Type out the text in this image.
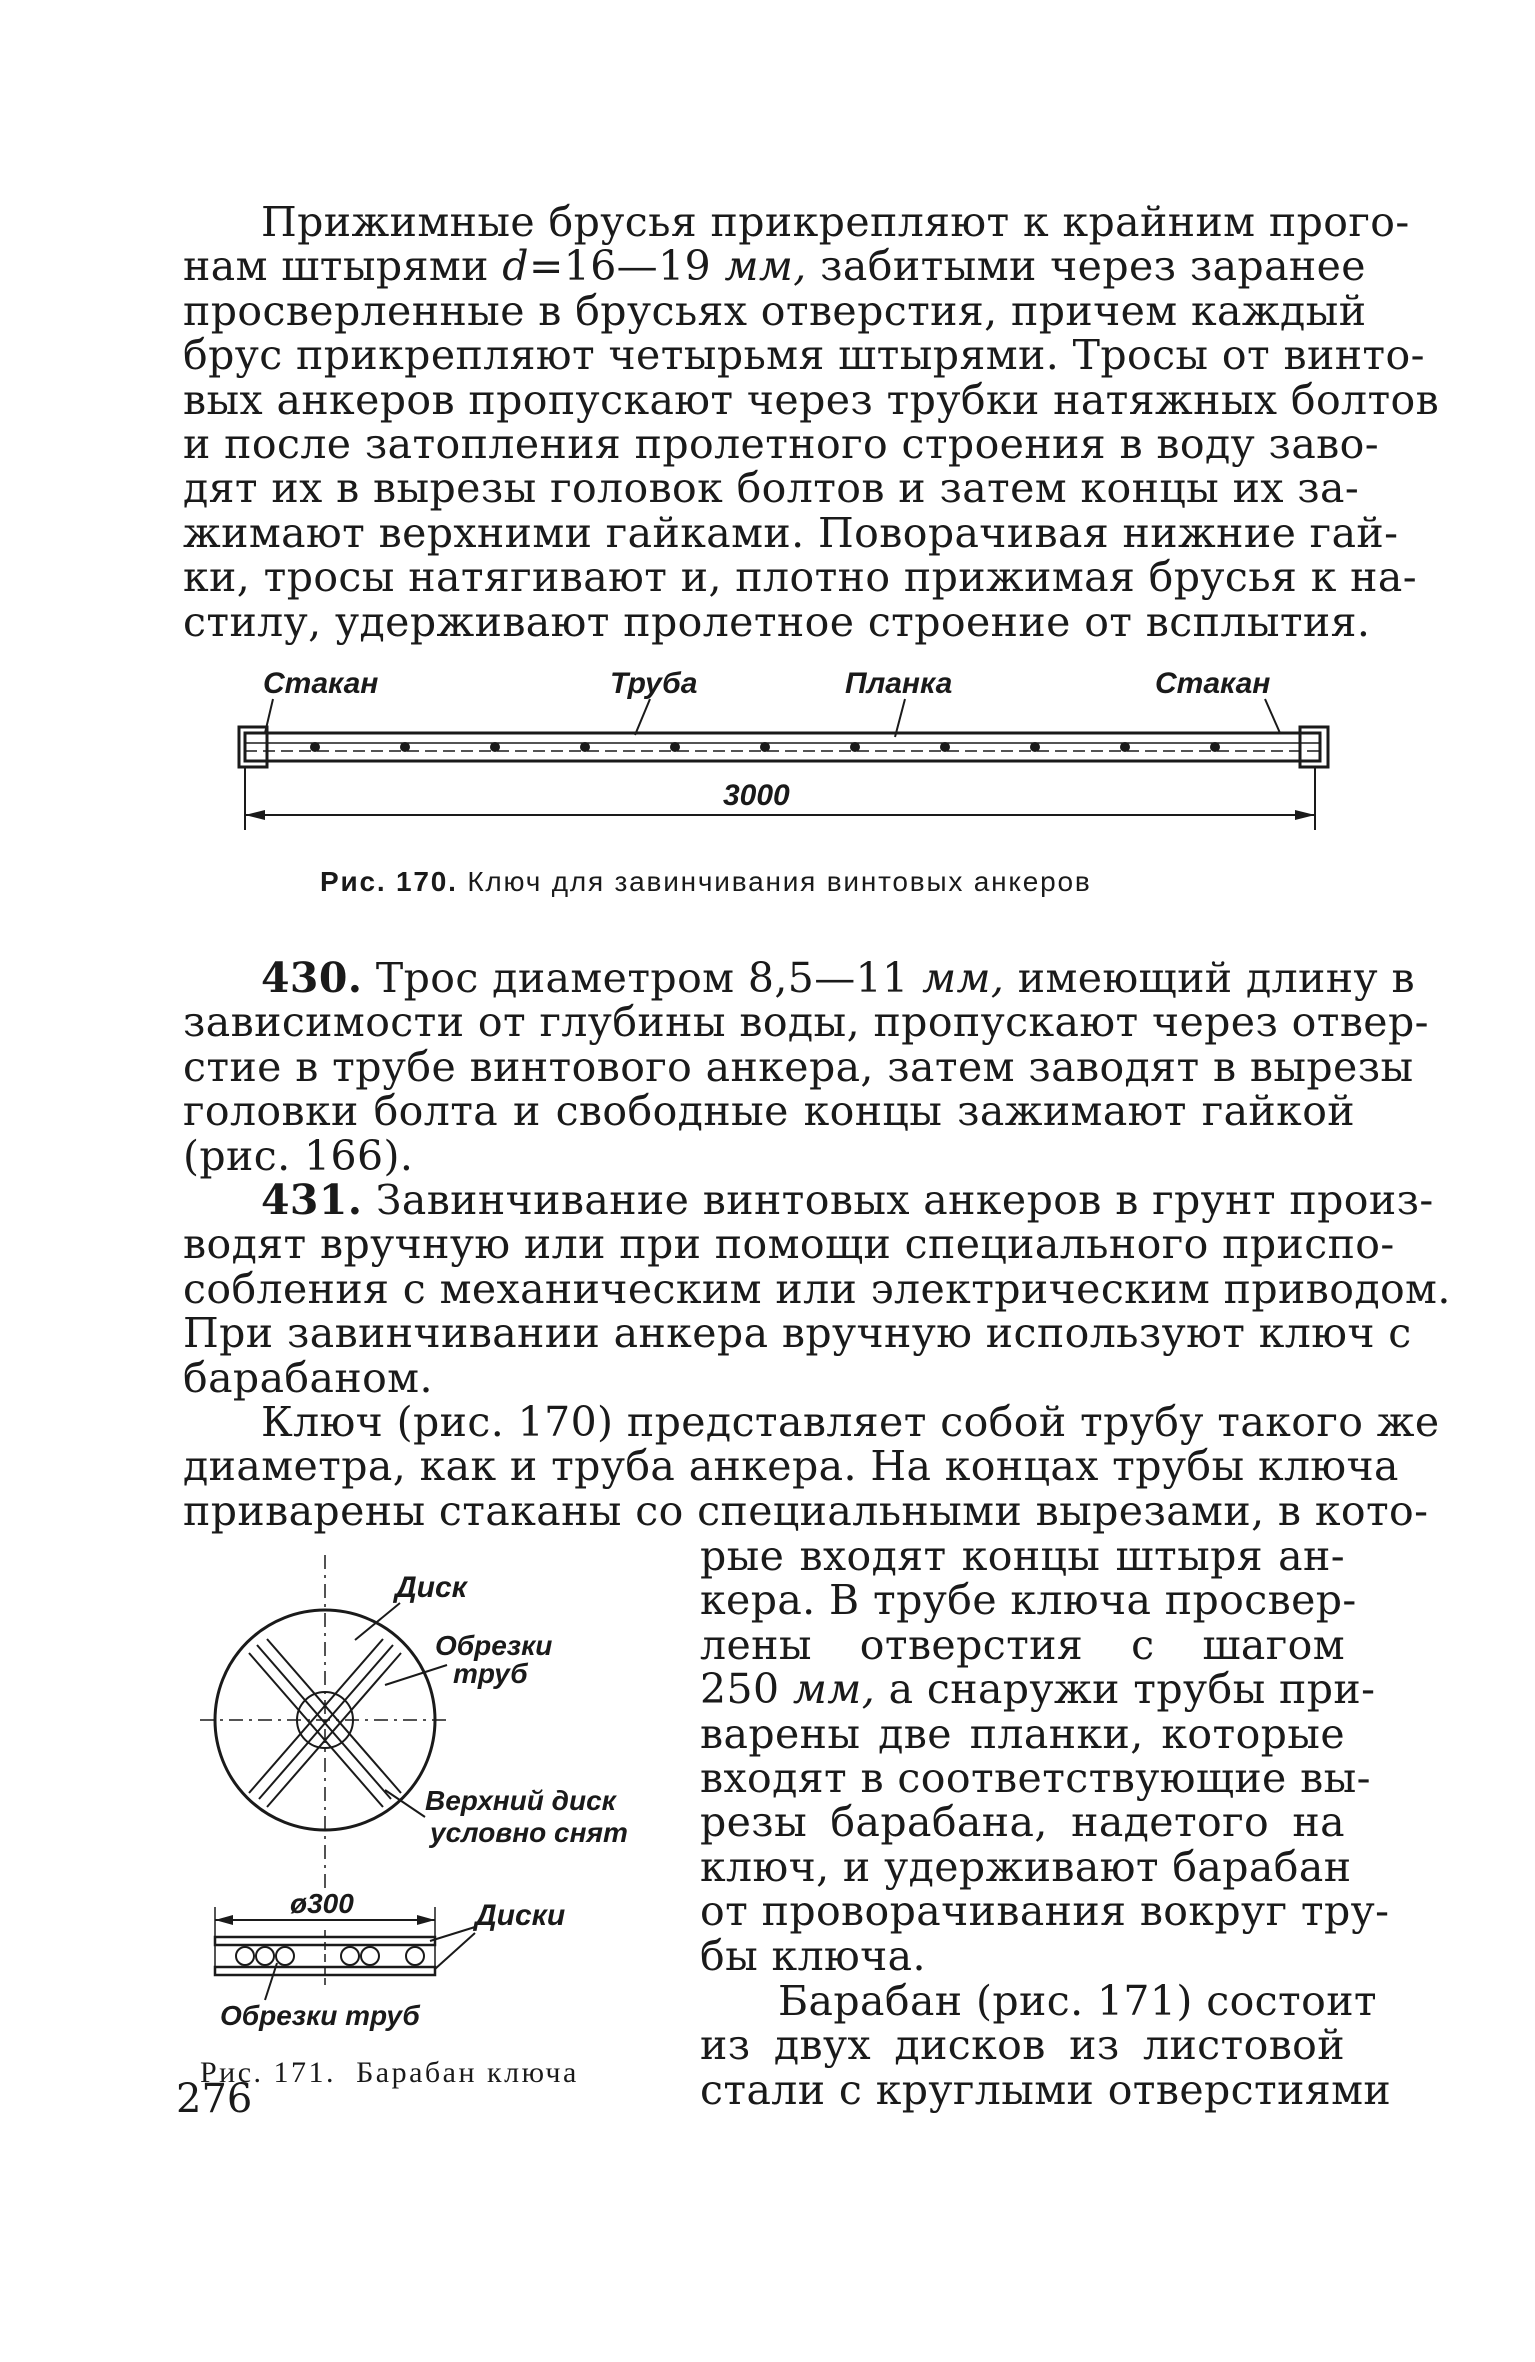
Прижимные брусья прикрепляют к крайним прого-
нам штырями d=16—19 мм, забитыми через заранее
просверленные в брусьях отверстия, причем каждый
брус прикрепляют четырьмя штырями. Тросы от винто-
вых анкеров пропускают через трубки натяжных болтов
и после затопления пролетного строения в воду заво-
дят их в вырезы головок болтов и затем концы их за-
жимают верхними гайками. Поворачивая нижние гай-
ки, тросы натягивают и, плотно прижимая брусья к на-
стилу, удерживают пролетное строение от всплытия.
Стакан	Труба	Планка	Стакан
3000
Рис. 170. Ключ для завинчивания винтовых анкеров
430. Трос диаметром 8,5—11 мм, имеющий длину в
зависимости от глубины воды, пропускают через отвер-
стие в трубе винтового анкера, затем заводят в вырезы
головки болта и свободные концы зажимают гайкой
(рис. 166).
431. Завинчивание винтовых анкеров в грунт произ-
водят вручную или при помощи специального приспо-
собления с механическим или электрическим приводом.
При завинчивании анкера вручную используют ключ с
барабаном.
Ключ (рис. 170) представляет собой трубу такого же
диаметра, как и труба анкера. На концах трубы ключа
приварены стаканы со специальными вырезами, в кото-
рые входят концы штыря ан-
кера. В трубе ключа просвер-
лены отверстия с шагом
250 мм, а снаружи трубы при-
варены две планки, которые
входят в соответствующие вы-
резы барабана, надетого на
ключ, и удерживают барабан
от проворачивания вокруг тру-
бы ключа.
Барабан (рис. 171) состоит
из двух дисков из листовой
стали с круглыми отверстиями
Диск
Обрезки
труб
Верхний диск
условно снят
ø300	Диски
Обрезки труб
Рис. 171. Барабан ключа
276
